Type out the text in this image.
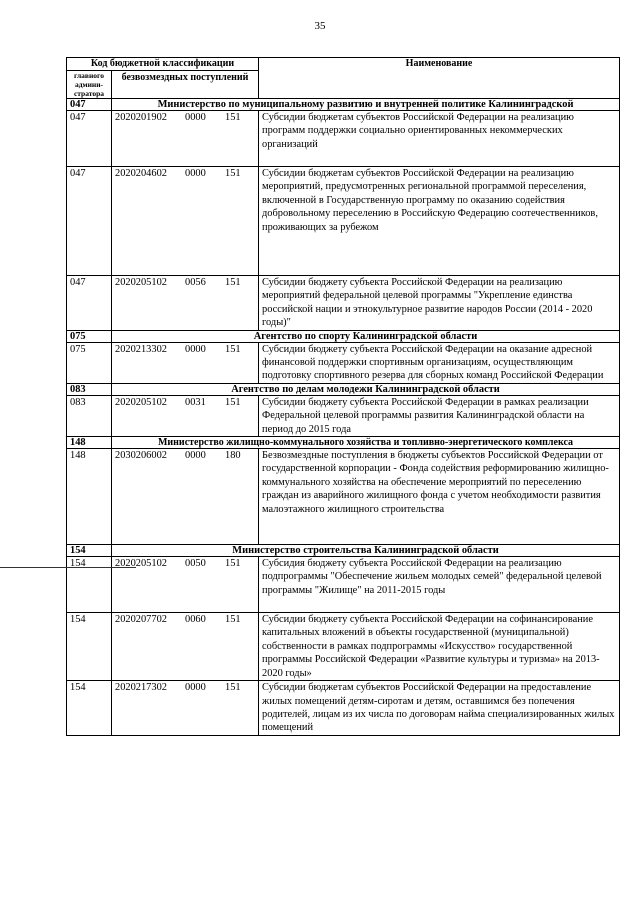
35
Код бюджетной классификации		Наименование
главного админи-стратора	безвозмездных поступлений	
047	Министерство по муниципальному развитию и внутренней политике Калининградской	
047	2020201902 0000 151	Субсидии бюджетам субъектов Российской Федерации на реализацию программ поддержки социально ориентированных некоммерческих организаций
047	2020204602 0000 151	Субсидии бюджетам субъектов Российской Федерации на реализацию мероприятий, предусмотренных региональной программой переселения, включенной в Государственную программу по оказанию содействия добровольному переселению в Российскую Федерацию соотечественников, проживающих за рубежом
047	2020205102 0056 151	Субсидии бюджету субъекта Российской Федерации на реализацию мероприятий федеральной целевой программы "Укрепление единства российской нации и этнокультурное развитие народов России (2014 - 2020 годы)"
075	Агентство по спорту Калининградской области	
075	2020213302 0000 151	Субсидии бюджету субъекта Российской Федерации на оказание адресной финансовой поддержки спортивным организациям, осуществляющим подготовку спортивного резерва для сборных команд Российской Федерации
083	Агентство по делам молодежи Калининградской области	
083	2020205102 0031 151	Субсидии бюджету субъекта Российской Федерации в рамках реализации Федеральной целевой программы развития Калининградской области на период до 2015 года
148	Министерство жилищно-коммунального хозяйства и топливно-энергетического комплекса	
148	2030206002 0000 180	Безвозмездные поступления в бюджеты субъектов Российской Федерации от государственной корпорации - Фонда содействия реформированию жилищно-коммунального хозяйства на обеспечение мероприятий по переселению граждан из аварийного жилищного фонда с учетом необходимости развития малоэтажного жилищного строительства
154	Министерство строительства Калининградской области	
154	2020205102 0050 151	Субсидия бюджету субъекта Российской Федерации на реализацию подпрограммы "Обеспечение жильем молодых семей" федеральной целевой программы "Жилище" на 2011-2015 годы
154	2020207702 0060 151	Субсидии бюджету субъекта Российской Федерации на софинансирование капитальных вложений в объекты государственной (муниципальной) собственности в рамках подпрограммы «Искусство» государственной программы Российской Федерации «Развитие культуры и туризма» на 2013-2020 годы»
154	2020217302 0000 151	Субсидии бюджетам субъектов Российской Федерации на предоставление жилых помещений детям-сиротам и детям, оставшимся без попечения родителей, лицам из их числа по договорам найма специализированных жилых помещений
